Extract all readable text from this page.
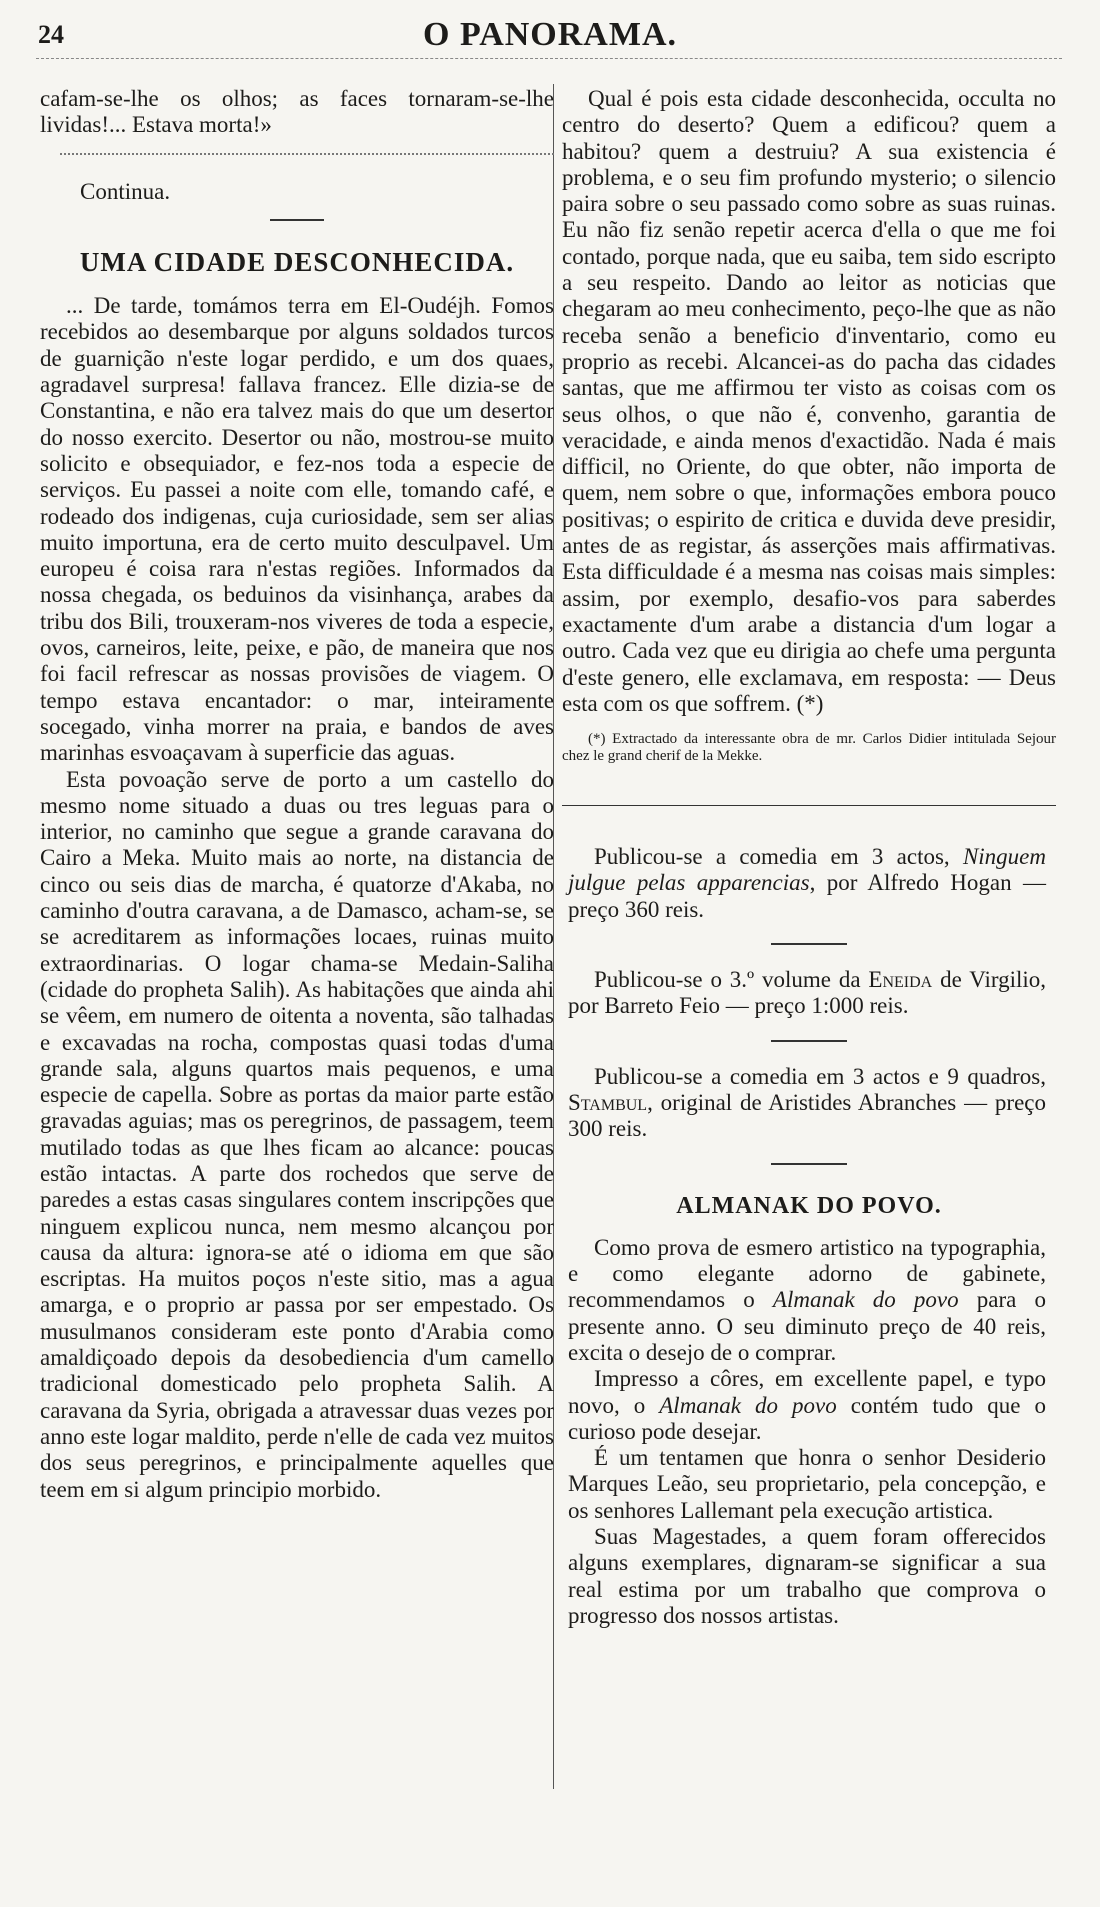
24	O PANORAMA.

cafam-se-lhe os olhos; as faces tornaram-se-lhe lividas!... Estava morta!»

Continua.

UMA CIDADE DESCONHECIDA.

... De tarde, tomámos terra em El-Oudéjh. Fomos recebidos ao desembarque por alguns soldados turcos de guarnição n'este logar perdido, e um dos quaes, agradavel surpresa! fallava francez. Elle dizia-se de Constantina, e não era talvez mais do que um desertor do nosso exercito. Desertor ou não, mostrou-se muito solicito e obsequiador, e fez-nos toda a especie de serviços. Eu passei a noite com elle, tomando café, e rodeado dos indigenas, cuja curiosidade, sem ser alias muito importuna, era de certo muito desculpavel. Um europeu é coisa rara n'estas regiões. Informados da nossa chegada, os beduinos da visinhança, arabes da tribu dos Bili, trouxeram-nos viveres de toda a especie, ovos, carneiros, leite, peixe, e pão, de maneira que nos foi facil refrescar as nossas provisões de viagem. O tempo estava encantador: o mar, inteiramente socegado, vinha morrer na praia, e bandos de aves marinhas esvoaçavam à superficie das aguas.

Esta povoação serve de porto a um castello do mesmo nome situado a duas ou tres leguas para o interior, no caminho que segue a grande caravana do Cairo a Meka. Muito mais ao norte, na distancia de cinco ou seis dias de marcha, é quatorze d'Akaba, no caminho d'outra caravana, a de Damasco, acham-se, se se acreditarem as informações locaes, ruinas muito extraordinarias. O logar chama-se Medain-Saliha (cidade do propheta Salih). As habitações que ainda ahi se vêem, em numero de oitenta a noventa, são talhadas e excavadas na rocha, compostas quasi todas d'uma grande sala, alguns quartos mais pequenos, e uma especie de capella. Sobre as portas da maior parte estão gravadas aguias; mas os peregrinos, de passagem, teem mutilado todas as que lhes ficam ao alcance: poucas estão intactas. A parte dos rochedos que serve de paredes a estas casas singulares contem inscripções que ninguem explicou nunca, nem mesmo alcançou por causa da altura: ignora-se até o idioma em que são escriptas. Ha muitos poços n'este sitio, mas a agua amarga, e o proprio ar passa por ser empestado. Os musulmanos consideram este ponto d'Arabia como amaldiçoado depois da desobediencia d'um camello tradicional domesticado pelo propheta Salih. A caravana da Syria, obrigada a atravessar duas vezes por anno este logar maldito, perde n'elle de cada vez muitos dos seus peregrinos, e principalmente aquelles que teem em si algum principio morbido.

Qual é pois esta cidade desconhecida, occulta no centro do deserto? Quem a edificou? quem a habitou? quem a destruiu? A sua existencia é problema, e o seu fim profundo mysterio; o silencio paira sobre o seu passado como sobre as suas ruinas. Eu não fiz senão repetir acerca d'ella o que me foi contado, porque nada, que eu saiba, tem sido escripto a seu respeito. Dando ao leitor as noticias que chegaram ao meu conhecimento, peço-lhe que as não receba senão a beneficio d'inventario, como eu proprio as recebi. Alcancei-as do pacha das cidades santas, que me affirmou ter visto as coisas com os seus olhos, o que não é, convenho, garantia de veracidade, e ainda menos d'exactidão. Nada é mais difficil, no Oriente, do que obter, não importa de quem, nem sobre o que, informações embora pouco positivas; o espirito de critica e duvida deve presidir, antes de as registar, ás asserções mais affirmativas. Esta difficuldade é a mesma nas coisas mais simples: assim, por exemplo, desafio-vos para saberdes exactamente d'um arabe a distancia d'um logar a outro. Cada vez que eu dirigia ao chefe uma pergunta d'este genero, elle exclamava, em resposta: — Deus esta com os que soffrem. (*)

(*) Extractado da interessante obra de mr. Carlos Didier intitulada Sejour chez le grand cherif de la Mekke.

Publicou-se a comedia em 3 actos, Ninguem julgue pelas apparencias, por Alfredo Hogan — preço 360 reis.

Publicou-se o 3.º volume da Eneida de Virgilio, por Barreto Feio — preço 1:000 reis.

Publicou-se a comedia em 3 actos e 9 quadros, Stambul, original de Aristides Abranches — preço 300 reis.

ALMANAK DO POVO.

Como prova de esmero artistico na typographia, e como elegante adorno de gabinete, recommendamos o Almanak do povo para o presente anno. O seu diminuto preço de 40 reis, excita o desejo de o comprar.

Impresso a côres, em excellente papel, e typo novo, o Almanak do povo contém tudo que o curioso pode desejar.

É um tentamen que honra o senhor Desiderio Marques Leão, seu proprietario, pela concepção, e os senhores Lallemant pela execução artistica.

Suas Magestades, a quem foram offerecidos alguns exemplares, dignaram-se significar a sua real estima por um trabalho que comprova o progresso dos nossos artistas.
